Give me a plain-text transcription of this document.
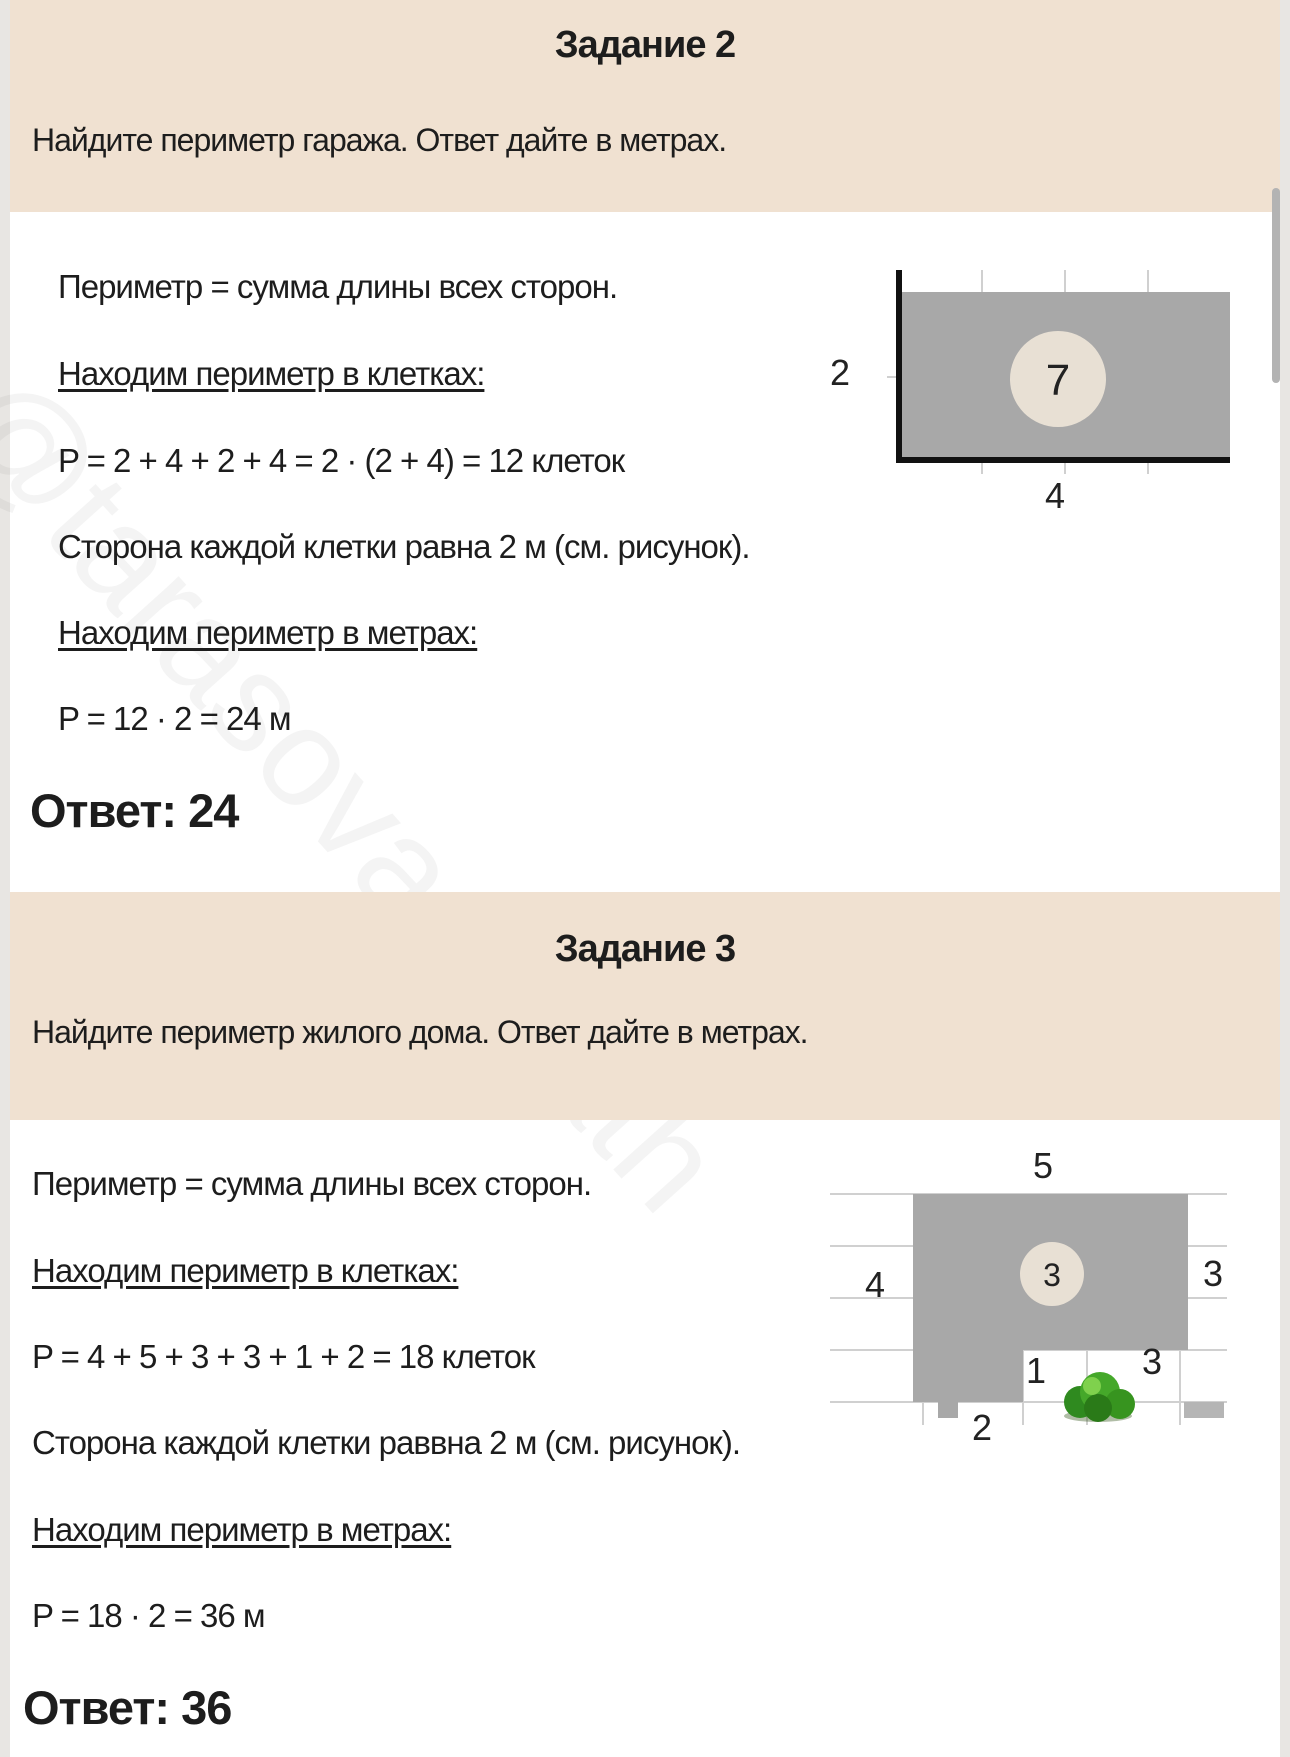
Задание 2
Найдите периметр гаража. Ответ дайте в метрах.
Периметр = сумма длины всех сторон.
Находим периметр в клетках:
P = 2 + 4 + 2 + 4 = 2 · (2 + 4) = 12 клеток
Сторона каждой клетки равна 2 м (см. рисунок).
Находим периметр в метрах:
P = 12 · 2 = 24 м
Ответ: 24
7
2
4
Задание 3
Найдите периметр жилого дома. Ответ дайте в метрах.
Периметр = сумма длины всех сторон.
Находим периметр в клетках:
P = 4 + 5 + 3 + 3 + 1 + 2 = 18 клеток
Сторона каждой клетки раввна 2 м (см. рисунок).
Находим периметр в метрах:
P = 18 · 2 = 36 м
Ответ: 36
3
5
4	3
3
1
2
